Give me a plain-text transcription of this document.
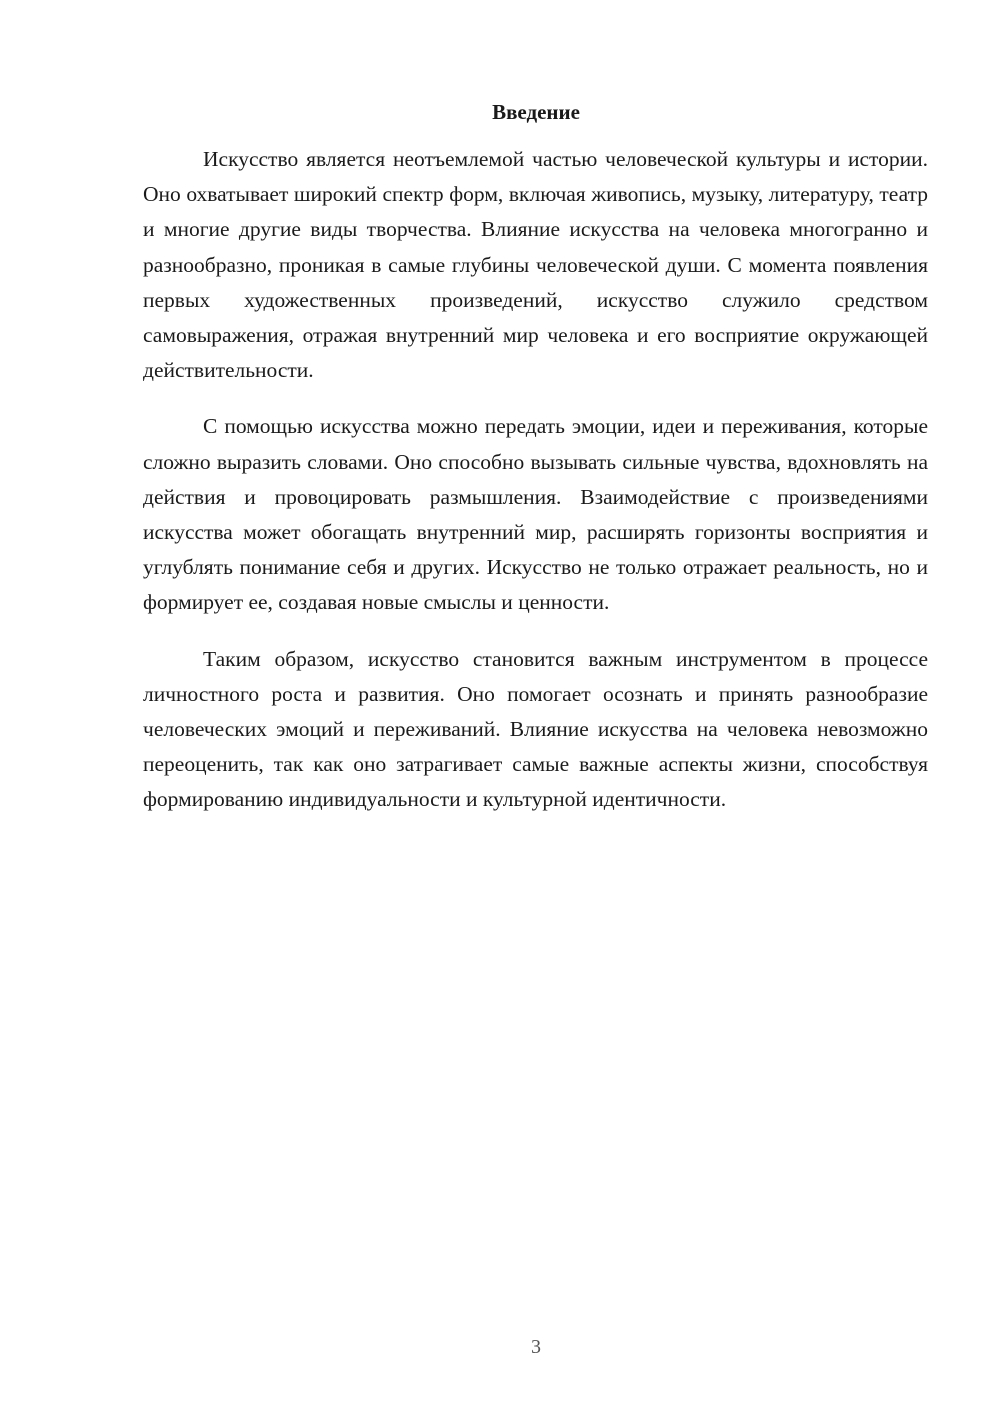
Введение

Искусство является неотъемлемой частью человеческой культуры и истории. Оно охватывает широкий спектр форм, включая живопись, музыку, литературу, театр и многие другие виды творчества. Влияние искусства на человека многогранно и разнообразно, проникая в самые глубины человеческой души. С момента появления первых художественных произведений, искусство служило средством самовыражения, отражая внутренний мир человека и его восприятие окружающей действительности.

С помощью искусства можно передать эмоции, идеи и переживания, которые сложно выразить словами. Оно способно вызывать сильные чувства, вдохновлять на действия и провоцировать размышления. Взаимодействие с произведениями искусства может обогащать внутренний мир, расширять горизонты восприятия и углублять понимание себя и других. Искусство не только отражает реальность, но и формирует ее, создавая новые смыслы и ценности.

Таким образом, искусство становится важным инструментом в процессе личностного роста и развития. Оно помогает осознать и принять разнообразие человеческих эмоций и переживаний. Влияние искусства на человека невозможно переоценить, так как оно затрагивает самые важные аспекты жизни, способствуя формированию индивидуальности и культурной идентичности.

3
